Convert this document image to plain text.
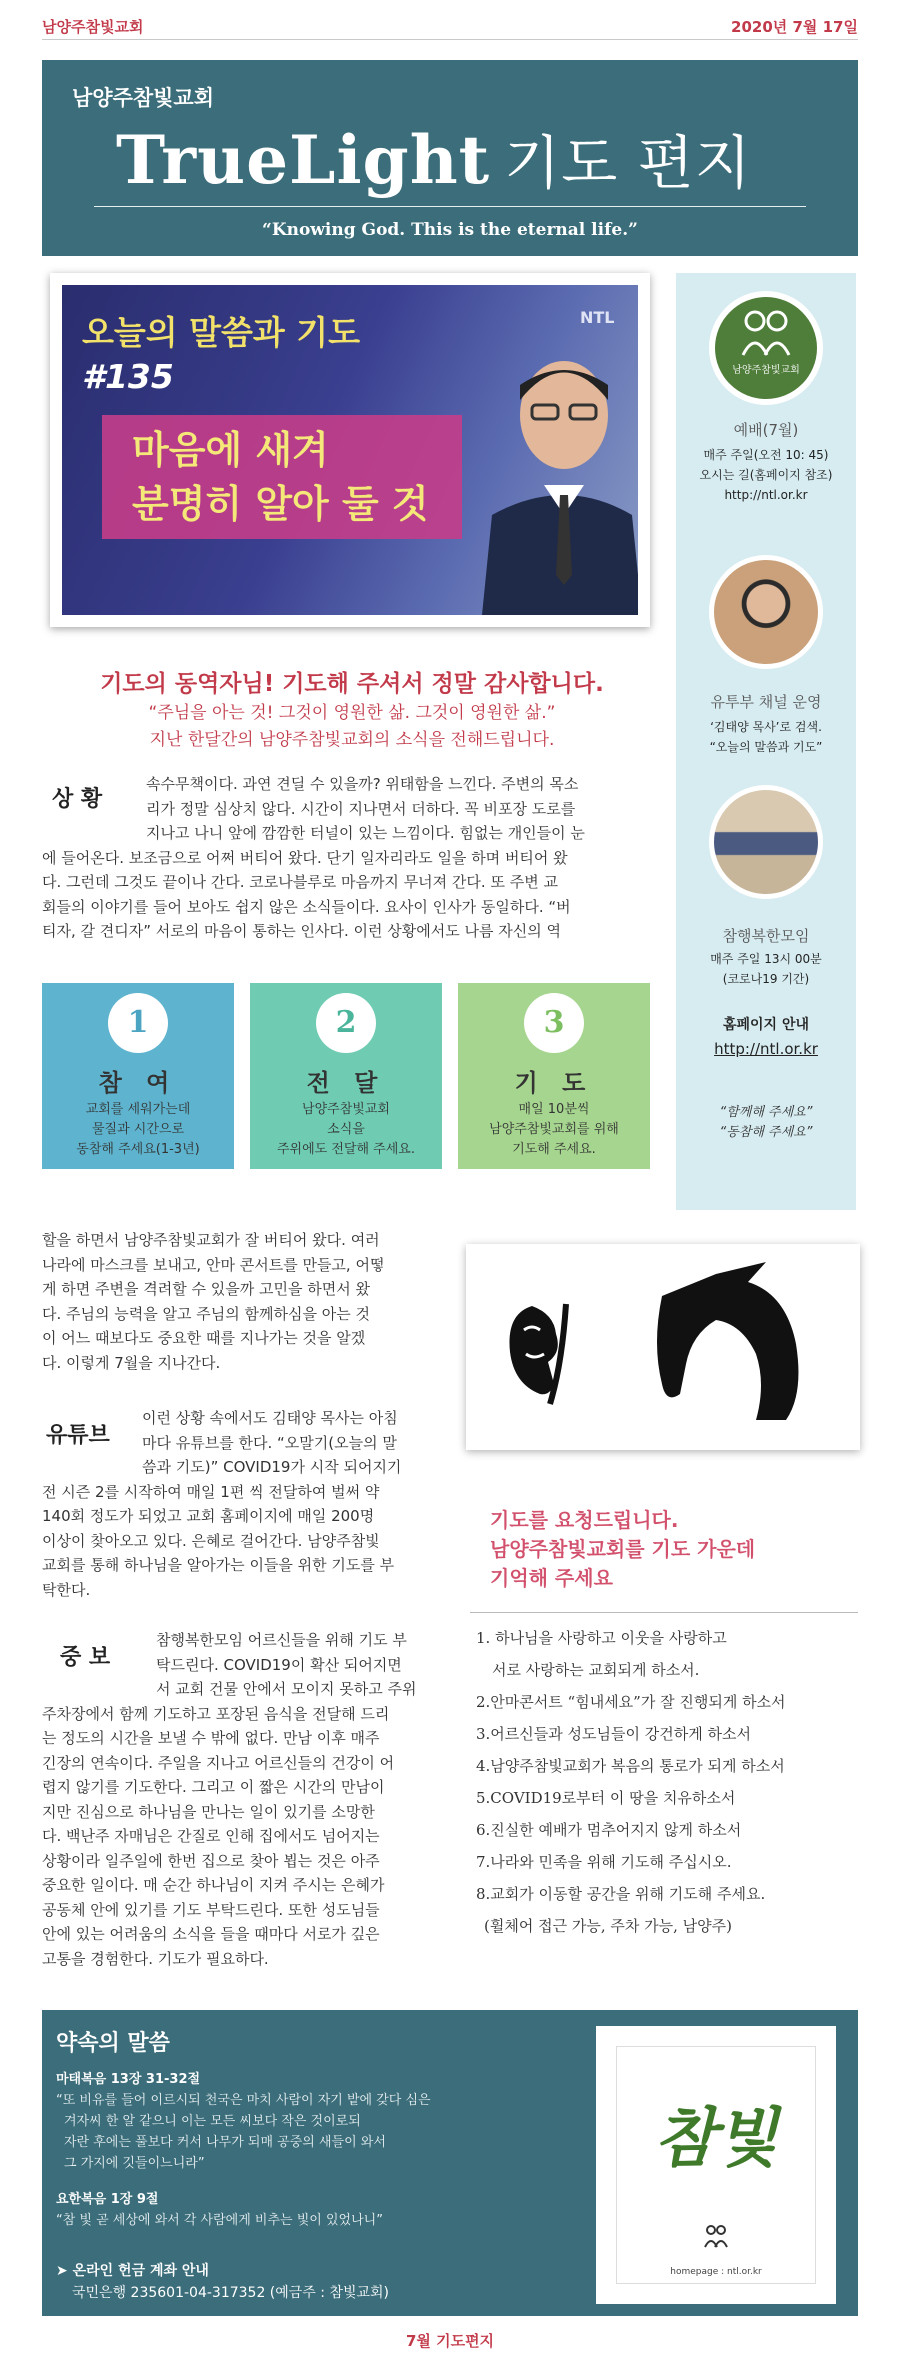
남양주참빛교회	2020년 7월 17일
남양주참빛교회
TrueLight 기도 편지
“Knowing God. This is the eternal life.”
오늘의 말씀과 기도
#135
NTL
마음에 새겨
분명히 알아 둘 것
남양주참빛교회
예배(7월)
매주 주일(오전 10: 45)
오시는 길(홈페이지 참조)
http://ntl.or.kr
유투부 채널 운영
‘김태양 목사’로 검색.
“오늘의 말씀과 기도”
참행복한모임
매주 주일 13시 00분
(코로나19 기간)
홈페이지 안내
http://ntl.or.kr
“함께해 주세요”
“동참해 주세요”
기도의 동역자님! 기도해 주셔서 정말 감사합니다.
“주님을 아는 것! 그것이 영원한 삶. 그것이 영원한 삶.”
지난 한달간의 남양주참빛교회의 소식을 전해드립니다.
상 황
속수무책이다. 과연 견딜 수 있을까? 위태함을 느낀다. 주변의 목소
리가 정말 심상치 않다. 시간이 지나면서 더하다. 꼭 비포장 도로를
지나고 나니 앞에 깜깜한 터널이 있는 느낌이다. 힘없는 개인들이 눈
에 들어온다. 보조금으로 어쩌 버티어 왔다. 단기 일자리라도 일을 하며 버티어 왔
다. 그런데 그것도 끝이나 간다. 코로나블루로 마음까지 무너져 간다. 또 주변 교
회들의 이야기를 들어 보아도 쉽지 않은 소식들이다. 요사이 인사가 동일하다. “버
티자, 갈 견디자” 서로의 마음이 통하는 인사다. 이런 상황에서도 나름 자신의 역
1
참 여
교회를 세워가는데
물질과 시간으로
동참해 주세요(1-3년)
2
전 달
남양주참빛교회
소식을
주위에도 전달해 주세요.
3
기 도
매일 10분씩
남양주참빛교회를 위해
기도해 주세요.
할을 하면서 남양주참빛교회가 잘 버티어 왔다. 여러
나라에 마스크를 보내고, 안마 콘서트를 만들고, 어떻
게 하면 주변을 격려할 수 있을까 고민을 하면서 왔
다. 주님의 능력을 알고 주님의 함께하심을 아는 것
이 어느 때보다도 중요한 때를 지나가는 것을 알겠
다. 이렇게 7월을 지나간다.
유튜브
이런 상황 속에서도 김태양 목사는 아침
마다 유튜브를 한다. “오말기(오늘의 말
씀과 기도)” COVID19가 시작 되어지기
전 시즌 2를 시작하여 매일 1편 씩 전달하여 벌써 약
140회 정도가 되었고 교회 홈페이지에 매일 200명
이상이 찾아오고 있다. 은혜로 걸어간다. 남양주참빛
교회를 통해 하나님을 알아가는 이들을 위한 기도를 부
탁한다.
중 보
참행복한모임 어르신들을 위해 기도 부
탁드린다. COVID19이 확산 되어지면
서 교회 건물 안에서 모이지 못하고 주위
주차장에서 함께 기도하고 포장된 음식을 전달해 드리
는 정도의 시간을 보낼 수 밖에 없다. 만남 이후 매주
긴장의 연속이다. 주일을 지나고 어르신들의 건강이 어
렵지 않기를 기도한다. 그리고 이 짧은 시간의 만남이
지만 진심으로 하나님을 만나는 일이 있기를 소망한
다. 백난주 자매님은 간질로 인해 집에서도 넘어지는
상황이라 일주일에 한번 집으로 찾아 뵙는 것은 아주
중요한 일이다. 매 순간 하나님이 지켜 주시는 은혜가
공동체 안에 있기를 기도 부탁드린다. 또한 성도님들
안에 있는 어려움의 소식을 들을 때마다 서로가 깊은
고통을 경험한다. 기도가 필요하다.
기도를 요청드립니다.
남양주참빛교회를 기도 가운데
기억해 주세요
1. 하나님을 사랑하고 이웃을 사랑하고
서로 사랑하는 교회되게 하소서.
2.안마콘서트 “힘내세요”가 잘 진행되게 하소서
3.어르신들과 성도님들이 강건하게 하소서
4.남양주참빛교회가 복음의 통로가 되게 하소서
5.COVID19로부터 이 땅을 치유하소서
6.진실한 예배가 멈추어지지 않게 하소서
7.나라와 민족을 위해 기도해 주십시오.
8.교회가 이동할 공간을 위해 기도해 주세요.
(휠체어 접근 가능, 주차 가능, 남양주)
약속의 말씀
마태복음 13장 31-32절
“또 비유를 들어 이르시되 천국은 마치 사람이 자기 밭에 갖다 심은
겨자씨 한 알 같으니 이는 모든 씨보다 작은 것이로되
자란 후에는 풀보다 커서 나무가 되매 공중의 새들이 와서
그 가지에 깃들이느니라”
요한복음 1장 9절
“참 빛 곧 세상에 와서 각 사람에게 비추는 빛이 있었나니”
➤ 온라인 헌금 계좌 안내
국민은행 235601-04-317352 (예금주 : 참빛교회)
참빛
homepage : ntl.or.kr
7월 기도편지
